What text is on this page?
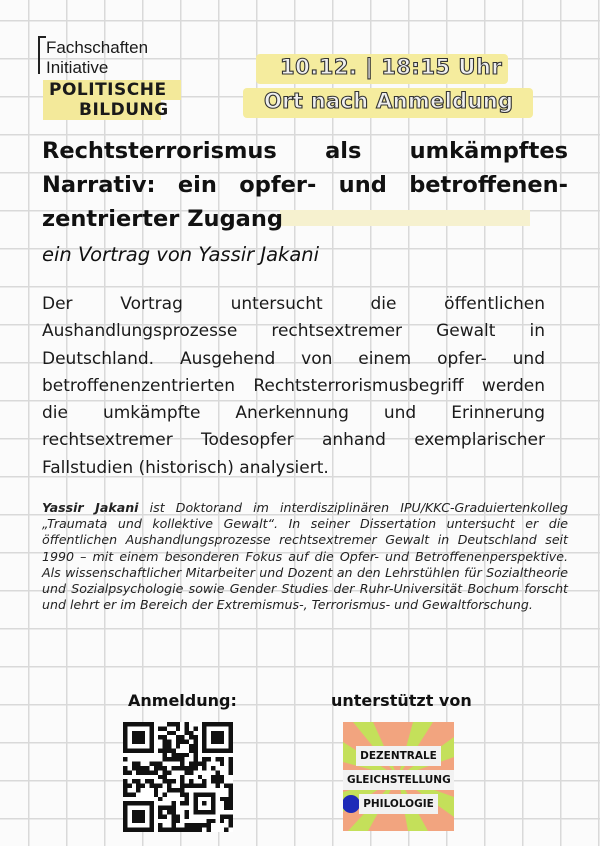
Fachschaften
Initiative
POLITISCHE
BILDUNG
10.12. | 18:15 Uhr
Ort nach Anmeldung
Rechtsterrorismus als umkämpftes Narrativ: ein opfer- und betroffenen-zentrierter Zugang

ein Vortrag von Yassir Jakani

Der Vortrag untersucht die öffentlichen Aushandlungsprozesse rechtsextremer Gewalt in Deutschland. Ausgehend von einem opfer- und betroffenenzentrierten Rechtsterrorismusbegriff werden die umkämpfte Anerkennung und Erinnerung rechtsextremer Todesopfer anhand exemplarischer Fallstudien (historisch) analysiert.

Yassir Jakani ist Doktorand im interdisziplinären IPU/KKC-Graduiertenkolleg „Traumata und kollektive Gewalt“. In seiner Dissertation untersucht er die öffentlichen Aushandlungsprozesse rechtsextremer Gewalt in Deutschland seit 1990 – mit einem besonderen Fokus auf die Opfer- und Betroffenenperspektive. Als wissenschaftlicher Mitarbeiter und Dozent an den Lehrstühlen für Sozialtheorie und Sozialpsychologie sowie Gender Studies der Ruhr-Universität Bochum forscht und lehrt er im Bereich der Extremismus-, Terrorismus- und Gewaltforschung.

Anmeldung:	unterstützt von
DEZENTRALE
GLEICHSTELLUNG
PHILOLOGIE
